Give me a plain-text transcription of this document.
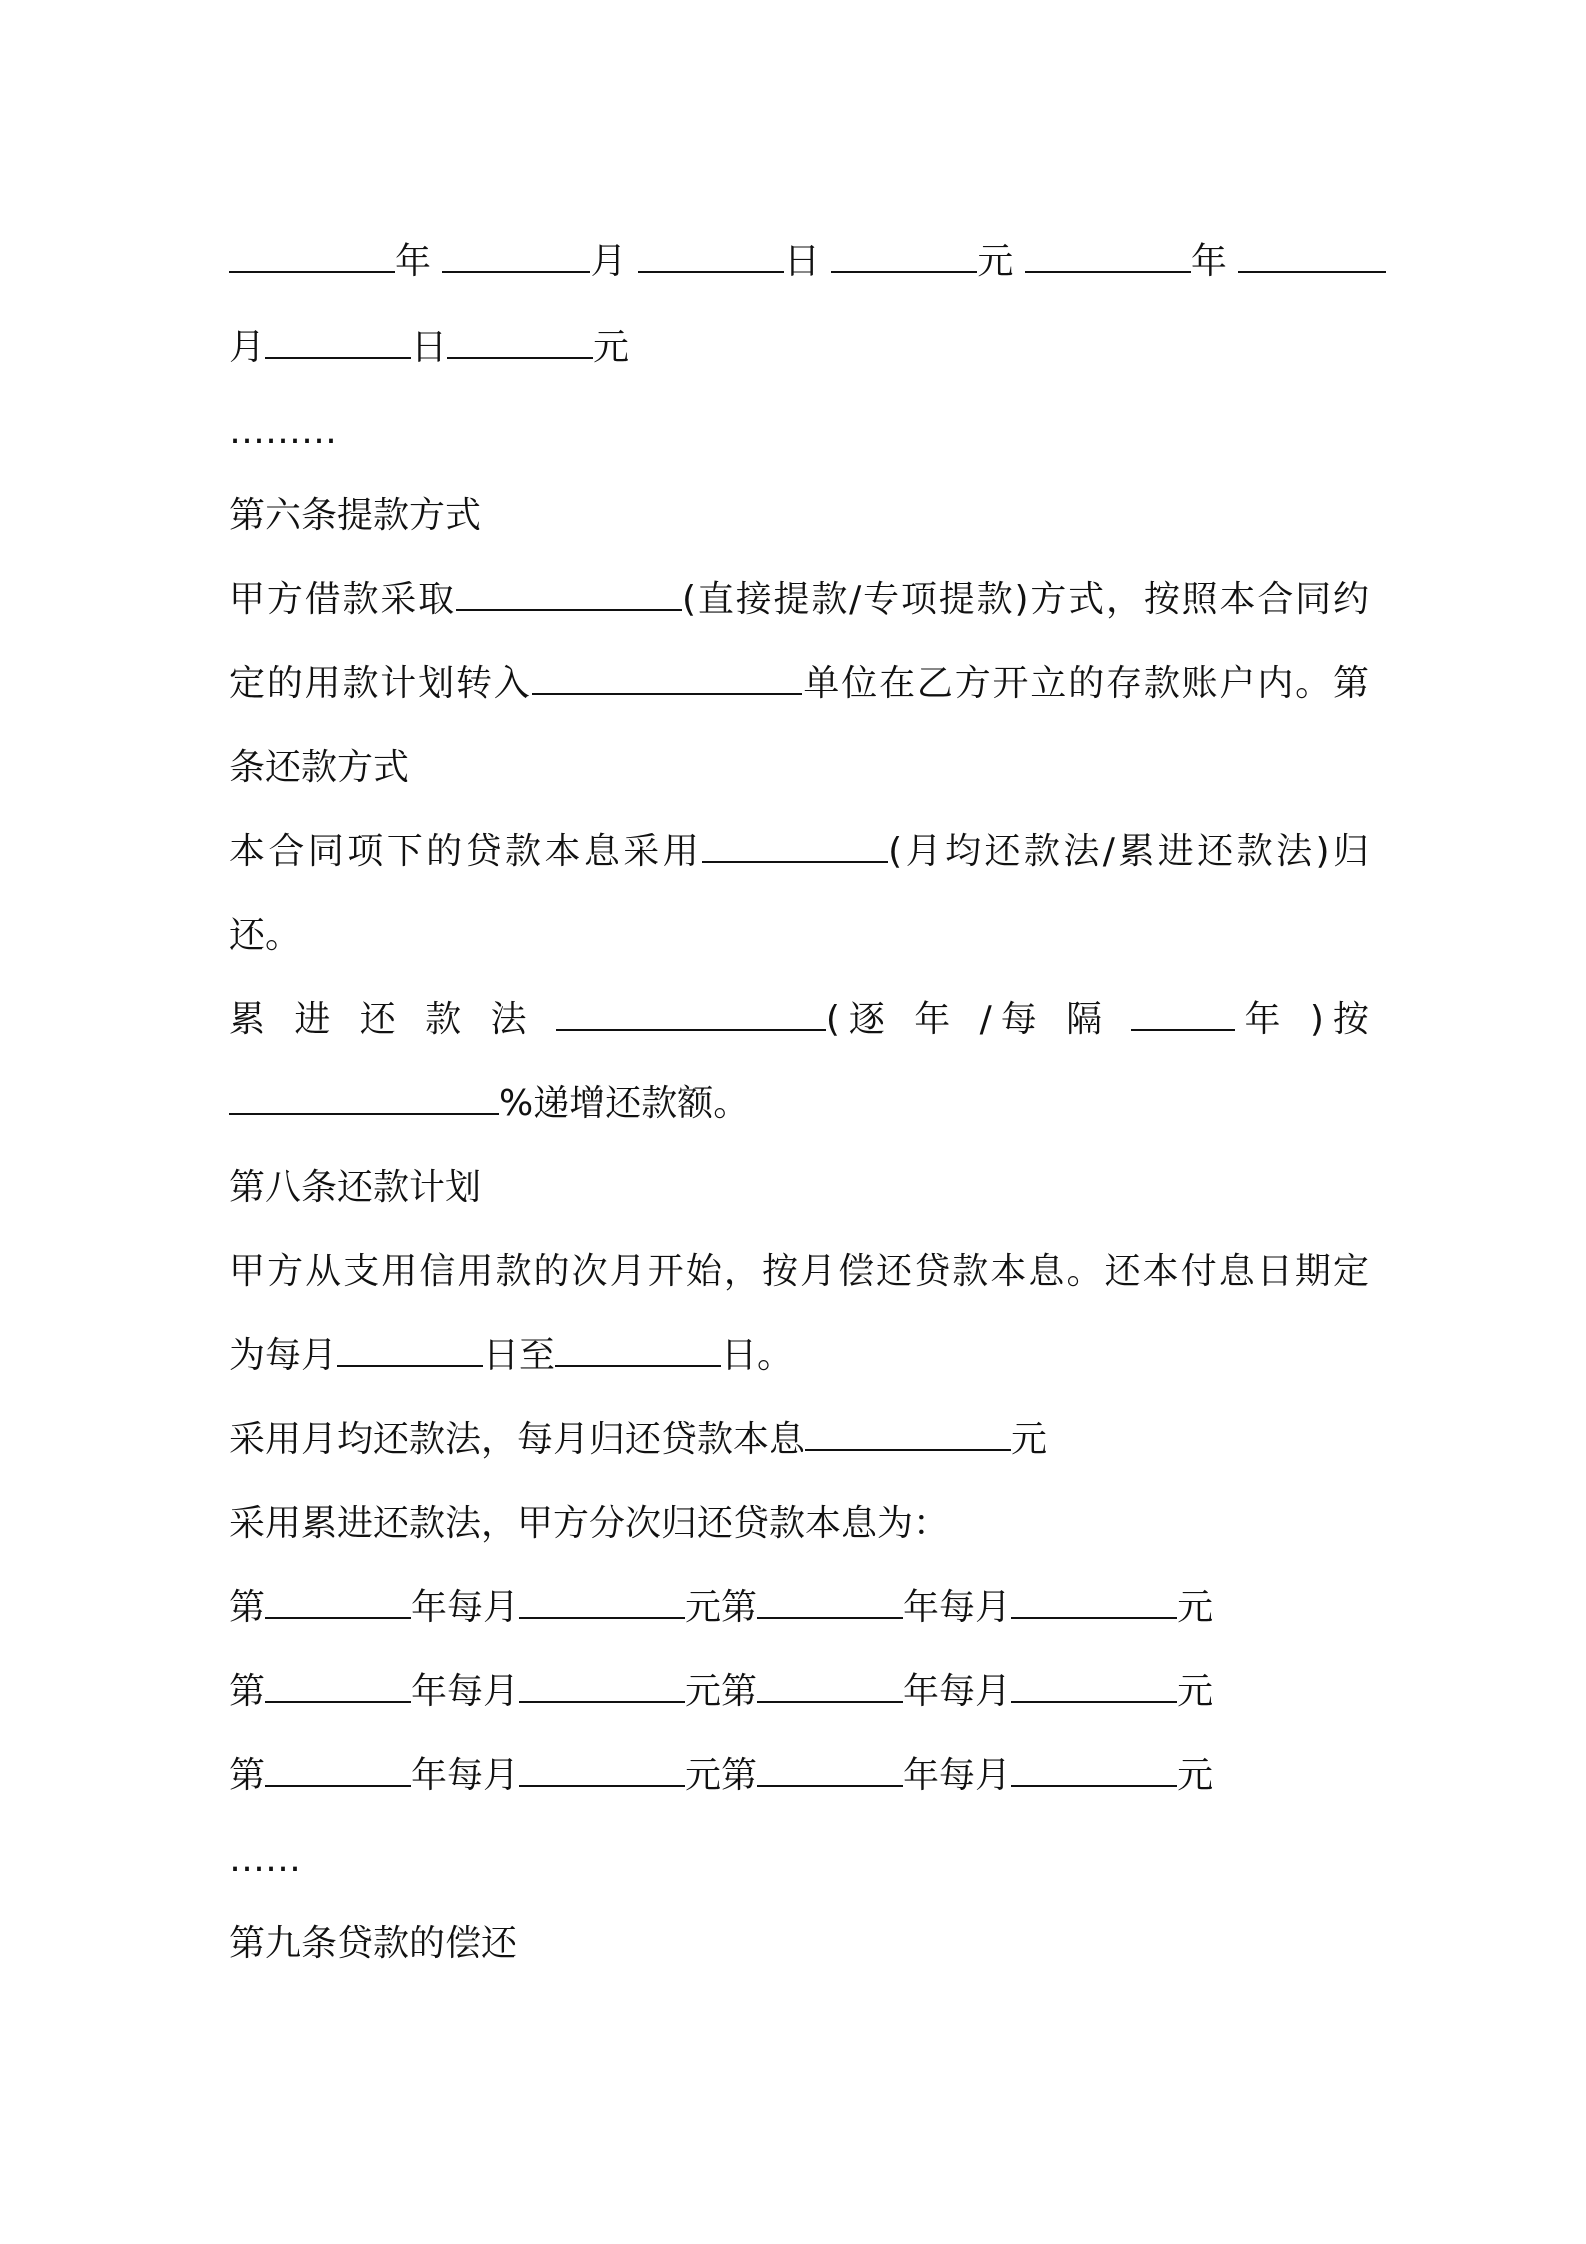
年	月	日	元	年
月	日	元
………
第六条提款方式
甲方借款采取	(直接提款/专项提款)方式，按照本合同约
定的用款计划转入	单位在乙方开立的存款账户内。第
条还款方式
本合同项下的贷款本息采用	(月均还款法/累进还款法)归
还。
累 进 还 款 法	(逐 年 /每 隔	年 )按
%递增还款额。
第八条还款计划
甲方从支用信用款的次月开始，按月偿还贷款本息。还本付息日期定
为每月	日至	日。
采用月均还款法，每月归还贷款本息	元
采用累进还款法，甲方分次归还贷款本息为：
第	年每月	元第	年每月	元
第	年每月	元第	年每月	元
第	年每月	元第	年每月	元
……
第九条贷款的偿还
